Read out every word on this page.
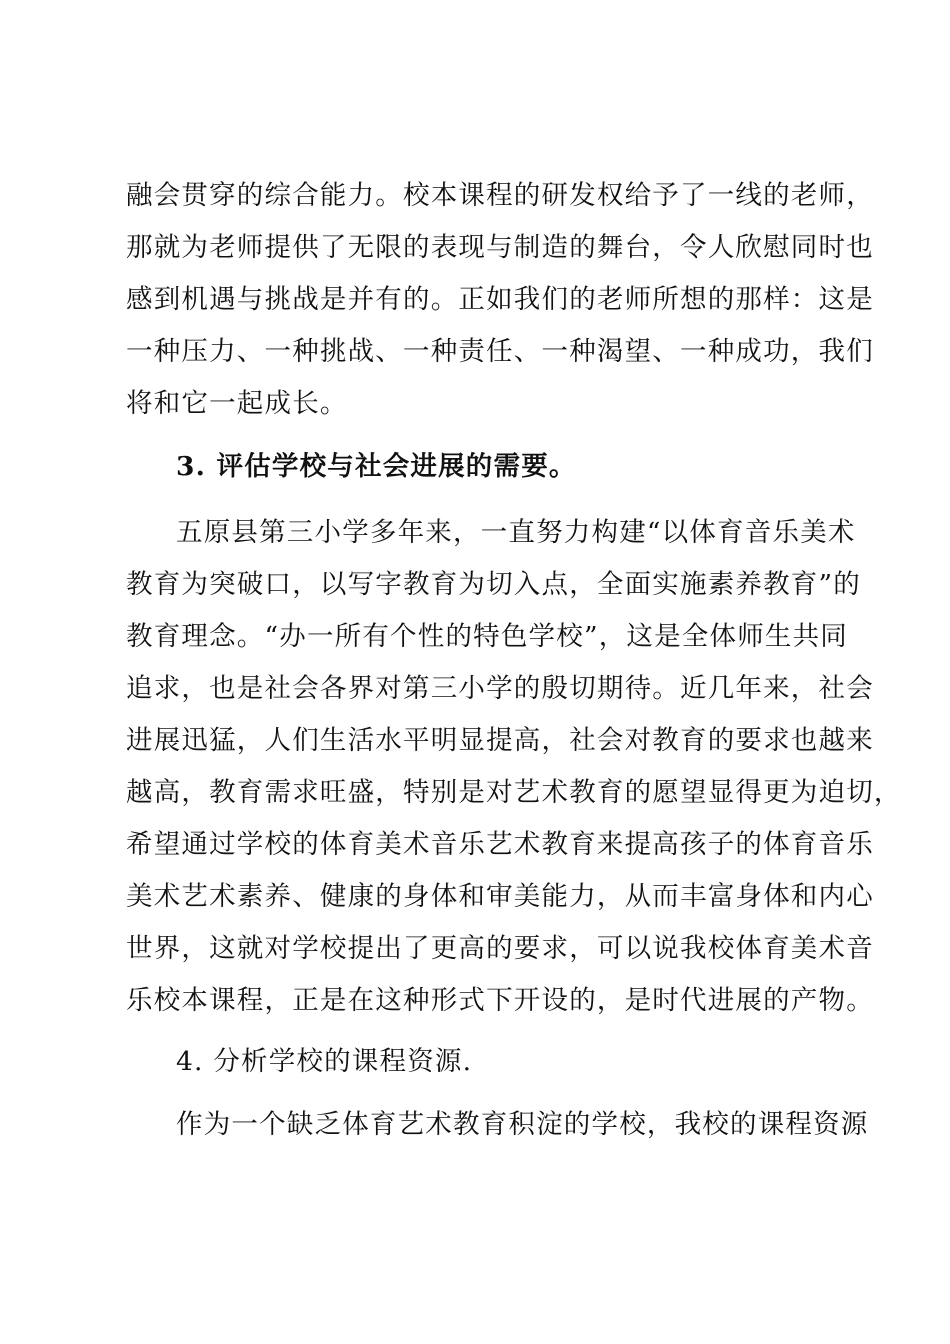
融会贯穿的综合能力。校本课程的研发权给予了一线的老师，
那就为老师提供了无限的表现与制造的舞台，令人欣慰同时也
感到机遇与挑战是并有的。正如我们的老师所想的那样：这是
一种压力、一种挑战、一种责任、一种渴望、一种成功，我们
将和它一起成长。
3. 评估学校与社会进展的需要。
五原县第三小学多年来，一直努力构建“以体育音乐美术
教育为突破口，以写字教育为切入点，全面实施素养教育”的
教育理念。“办一所有个性的特色学校”，这是全体师生共同
追求，也是社会各界对第三小学的殷切期待。近几年来，社会
进展迅猛，人们生活水平明显提高，社会对教育的要求也越来
越高，教育需求旺盛，特别是对艺术教育的愿望显得更为迫切，
希望通过学校的体育美术音乐艺术教育来提高孩子的体育音乐
美术艺术素养、健康的身体和审美能力，从而丰富身体和内心
世界，这就对学校提出了更高的要求，可以说我校体育美术音
乐校本课程，正是在这种形式下开设的，是时代进展的产物。
4. 分析学校的课程资源.
作为一个缺乏体育艺术教育积淀的学校，我校的课程资源
